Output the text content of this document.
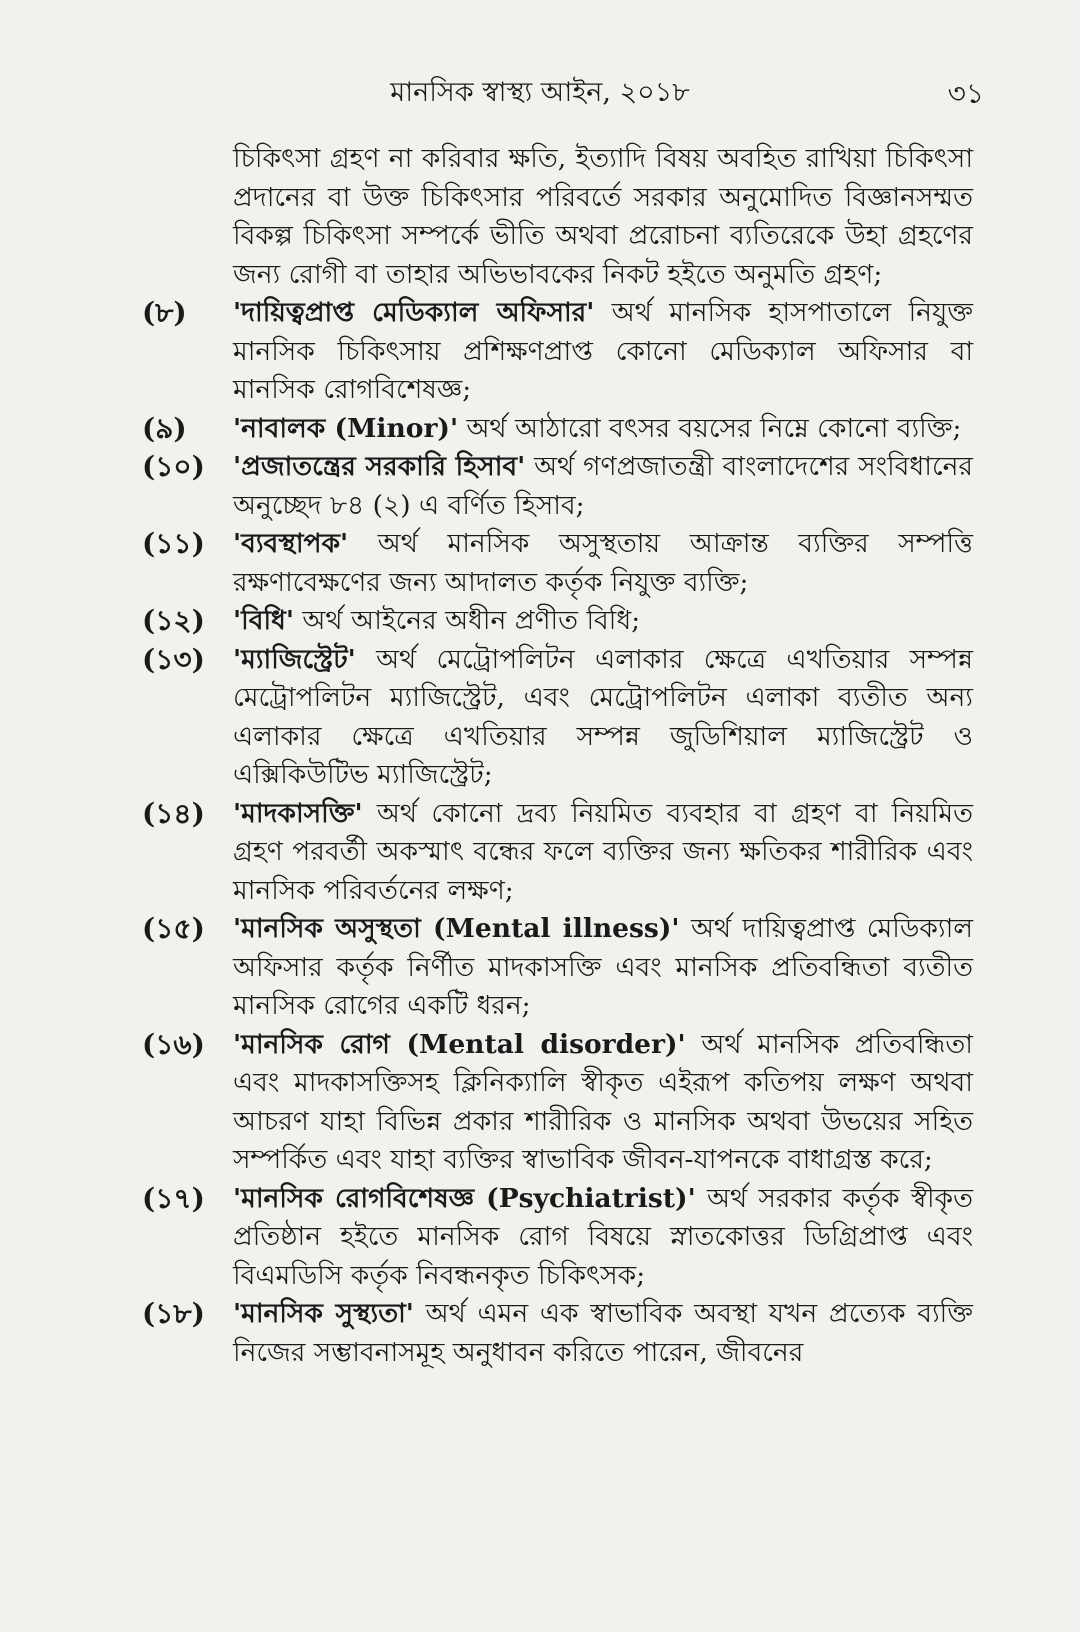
মানসিক স্বাস্থ্য আইন, ২০১৮	৩১
চিকিৎসা গ্রহণ না করিবার ক্ষতি, ইত্যাদি বিষয় অবহিত রাখিয়া চিকিৎসা প্রদানের বা উক্ত চিকিৎসার পরিবর্তে সরকার অনুমোদিত বিজ্ঞানসম্মত বিকল্প চিকিৎসা সম্পর্কে ভীতি অথবা প্ররোচনা ব্যতিরেকে উহা গ্রহণের জন্য রোগী বা তাহার অভিভাবকের নিকট হইতে অনুমতি গ্রহণ;
(৮) 'দায়িত্বপ্রাপ্ত মেডিক্যাল অফিসার' অর্থ মানসিক হাসপাতালে নিযুক্ত মানসিক চিকিৎসায় প্রশিক্ষণপ্রাপ্ত কোনো মেডিক্যাল অফিসার বা মানসিক রোগবিশেষজ্ঞ;
(৯) 'নাবালক (Minor)' অর্থ আঠারো বৎসর বয়সের নিম্নে কোনো ব্যক্তি;
(১০) 'প্রজাতন্ত্রের সরকারি হিসাব' অর্থ গণপ্রজাতন্ত্রী বাংলাদেশের সংবিধানের অনুচ্ছেদ ৮৪ (২) এ বর্ণিত হিসাব;
(১১) 'ব্যবস্থাপক' অর্থ মানসিক অসুস্থতায় আক্রান্ত ব্যক্তির সম্পত্তি রক্ষণাবেক্ষণের জন্য আদালত কর্তৃক নিযুক্ত ব্যক্তি;
(১২) 'বিধি' অর্থ আইনের অধীন প্রণীত বিধি;
(১৩) 'ম্যাজিস্ট্রেট' অর্থ মেট্রোপলিটন এলাকার ক্ষেত্রে এখতিয়ার সম্পন্ন মেট্রোপলিটন ম্যাজিস্ট্রেট, এবং মেট্রোপলিটন এলাকা ব্যতীত অন্য এলাকার ক্ষেত্রে এখতিয়ার সম্পন্ন জুডিশিয়াল ম্যাজিস্ট্রেট ও এক্সিকিউটিভ ম্যাজিস্ট্রেট;
(১৪) 'মাদকাসক্তি' অর্থ কোনো দ্রব্য নিয়মিত ব্যবহার বা গ্রহণ বা নিয়মিত গ্রহণ পরবর্তী অকস্মাৎ বন্ধের ফলে ব্যক্তির জন্য ক্ষতিকর শারীরিক এবং মানসিক পরিবর্তনের লক্ষণ;
(১৫) 'মানসিক অসুস্থতা (Mental illness)' অর্থ দায়িত্বপ্রাপ্ত মেডিক্যাল অফিসার কর্তৃক নির্ণীত মাদকাসক্তি এবং মানসিক প্রতিবন্ধিতা ব্যতীত মানসিক রোগের একটি ধরন;
(১৬) 'মানসিক রোগ (Mental disorder)' অর্থ মানসিক প্রতিবন্ধিতা এবং মাদকাসক্তিসহ ক্লিনিক্যালি স্বীকৃত এইরূপ কতিপয় লক্ষণ অথবা আচরণ যাহা বিভিন্ন প্রকার শারীরিক ও মানসিক অথবা উভয়ের সহিত সম্পর্কিত এবং যাহা ব্যক্তির স্বাভাবিক জীবন-যাপনকে বাধাগ্রস্ত করে;
(১৭) 'মানসিক রোগবিশেষজ্ঞ (Psychiatrist)' অর্থ সরকার কর্তৃক স্বীকৃত প্রতিষ্ঠান হইতে মানসিক রোগ বিষয়ে স্নাতকোত্তর ডিগ্রিপ্রাপ্ত এবং বিএমডিসি কর্তৃক নিবন্ধনকৃত চিকিৎসক;
(১৮) 'মানসিক সুস্থ্যতা' অর্থ এমন এক স্বাভাবিক অবস্থা যখন প্রত্যেক ব্যক্তি নিজের সম্ভাবনাসমূহ অনুধাবন করিতে পারেন, জীবনের
